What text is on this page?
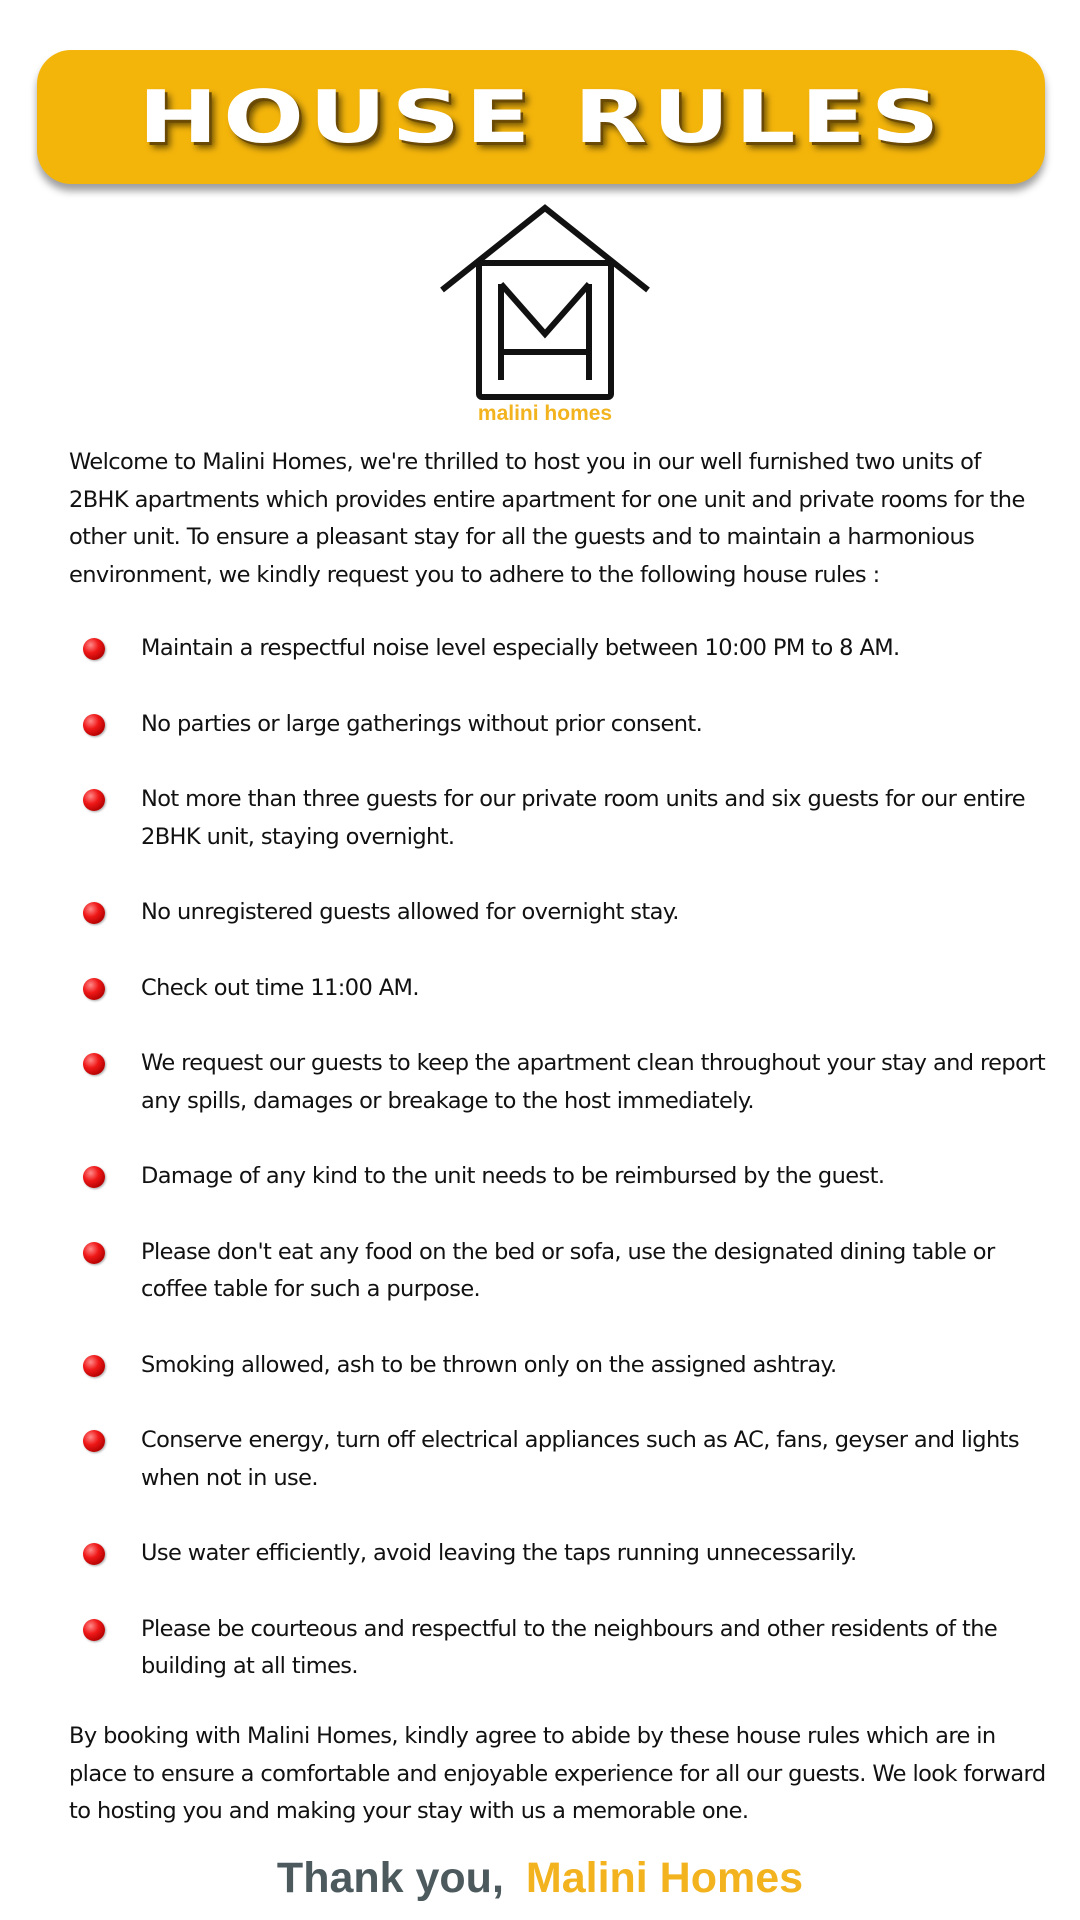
HOUSE RULES
malini homes

Welcome to Malini Homes, we're thrilled to host you in our well furnished two units of 2BHK apartments which provides entire apartment for one unit and private rooms for the other unit. To ensure a pleasant stay for all the guests and to maintain a harmonious environment, we kindly request you to adhere to the following house rules :

Maintain a respectful noise level especially between 10:00 PM to 8 AM.
No parties or large gatherings without prior consent.
Not more than three guests for our private room units and six guests for our entire 2BHK unit, staying overnight.
No unregistered guests allowed for overnight stay.
Check out time 11:00 AM.
We request our guests to keep the apartment clean throughout your stay and report any spills, damages or breakage to the host immediately.
Damage of any kind to the unit needs to be reimbursed by the guest.
Please don't eat any food on the bed or sofa, use the designated dining table or coffee table for such a purpose.
Smoking allowed, ash to be thrown only on the assigned ashtray.
Conserve energy, turn off electrical appliances such as AC, fans, geyser and lights when not in use.
Use water efficiently, avoid leaving the taps running unnecessarily.
Please be courteous and respectful to the neighbours and other residents of the building at all times.

By booking with Malini Homes, kindly agree to abide by these house rules which are in place to ensure a comfortable and enjoyable experience for all our guests. We look forward to hosting you and making your stay with us a memorable one.

Thank you, Malini Homes
